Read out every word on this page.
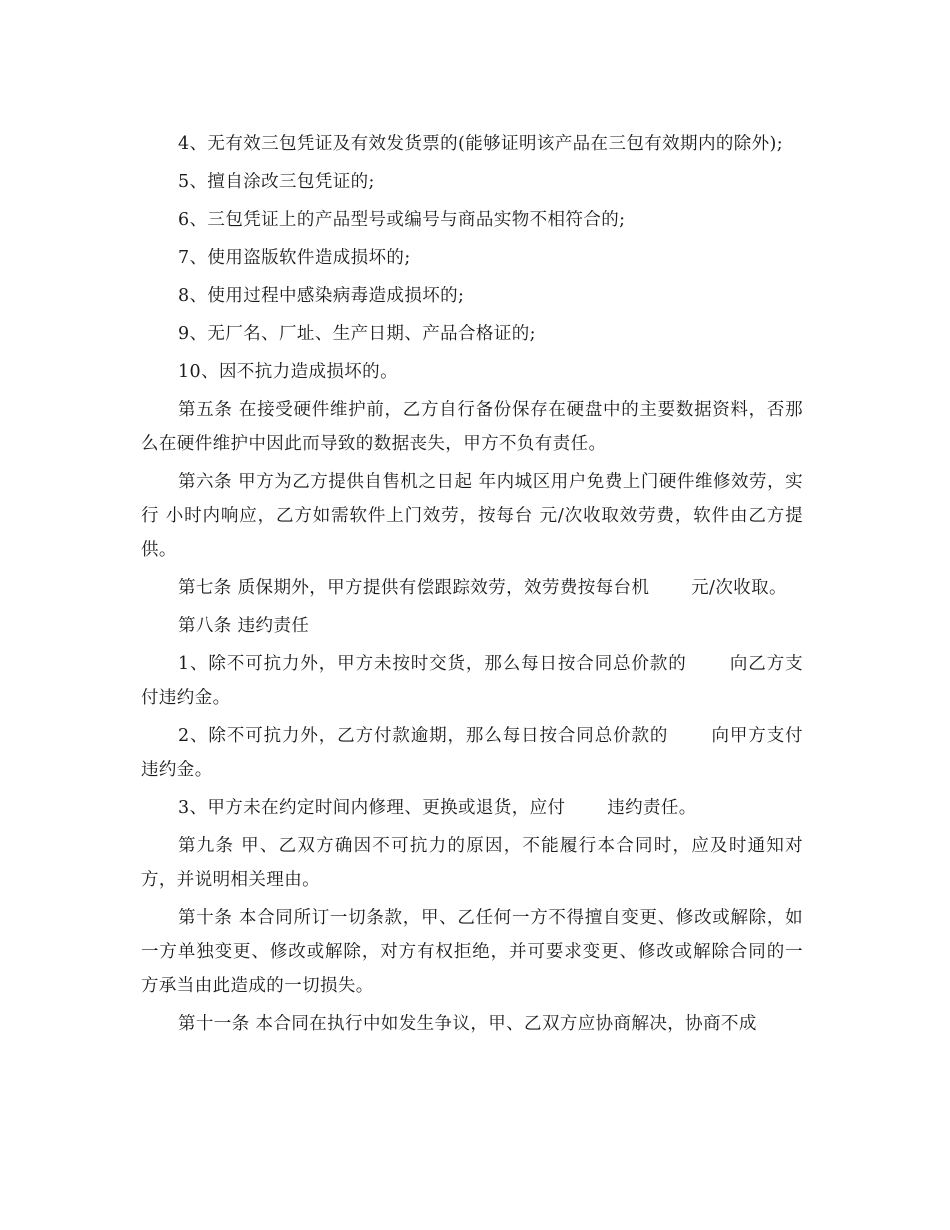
4、无有效三包凭证及有效发货票的(能够证明该产品在三包有效期内的除外);

5、擅自涂改三包凭证的;

6、三包凭证上的产品型号或编号与商品实物不相符合的;

7、使用盗版软件造成损坏的;

8、使用过程中感染病毒造成损坏的;

9、无厂名、厂址、生产日期、产品合格证的;

10、因不抗力造成损坏的。

第五条 在接受硬件维护前，乙方自行备份保存在硬盘中的主要数据资料，否那么在硬件维护中因此而导致的数据丧失，甲方不负有责任。

第六条 甲方为乙方提供自售机之日起 年内城区用户免费上门硬件维修效劳，实行 小时内响应，乙方如需软件上门效劳，按每台 元/次收取效劳费，软件由乙方提供。

第七条 质保期外，甲方提供有偿跟踪效劳，效劳费按每台机　　 元/次收取。

第八条 违约责任

1、除不可抗力外，甲方未按时交货，那么每日按合同总价款的　　 向乙方支付违约金。

2、除不可抗力外，乙方付款逾期，那么每日按合同总价款的　　 向甲方支付违约金。

3、甲方未在约定时间内修理、更换或退货，应付　　 违约责任。

第九条 甲、乙双方确因不可抗力的原因，不能履行本合同时，应及时通知对方，并说明相关理由。

第十条 本合同所订一切条款，甲、乙任何一方不得擅自变更、修改或解除，如一方单独变更、修改或解除，对方有权拒绝，并可要求变更、修改或解除合同的一方承当由此造成的一切损失。

第十一条 本合同在执行中如发生争议，甲、乙双方应协商解决，协商不成
